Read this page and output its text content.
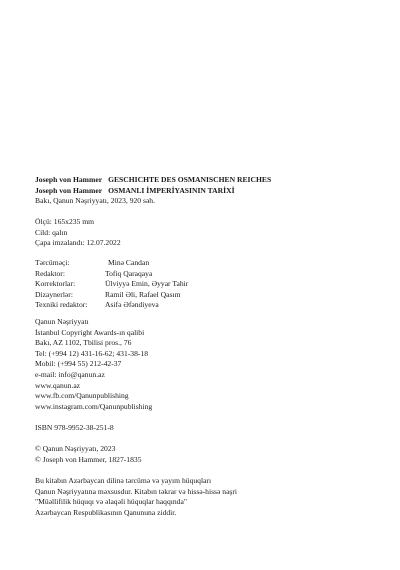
Joseph von Hammer GESCHICHTE DES OSMANISCHEN REICHES
Joseph von Hammer OSMANLI İMPERİYASININ TARİXİ
Bakı, Qanun Nəşriyyatı, 2023, 920 səh.
Ölçü: 165x235 mm
Cild: qalın
Çapa imzalandı: 12.07.2022
Tərcüməçi:	Minə Candan
Redaktor:	Tofiq Qaraqaya
Korrektorlar:	Ülviyyə Emin, Əyyar Tahir
Dizaynerlər:	Ramil Əli, Rafael Qasım
Texniki redaktor:	Asifə Əfəndiyeva
Qanun Nəşriyyatı
İstanbul Copyright Awards-ın qalibi
Bakı, AZ 1102, Tbilisi pros., 76
Tel: (+994 12) 431-16-62; 431-38-18
Mobil: (+994 55) 212-42-37
e-mail: info@qanun.az
www.qanun.az
www.fb.com/Qanunpublishing
www.instagram.com/Qanunpublishing
ISBN 978-9952-38-251-8
© Qanun Nəşriyyatı, 2023
© Joseph von Hammer, 1827-1835
Bu kitabın Azərbaycan dilinə tərcümə və yayım hüquqları
Qanun Nəşriyyatına məxsusdur. Kitabın təkrar və hissə-hissə nəşri
"Müəllifilik hüquqı və əlaqəli hüquqlar haqqında"
Azərbaycan Respublikasının Qanununa ziddir.
